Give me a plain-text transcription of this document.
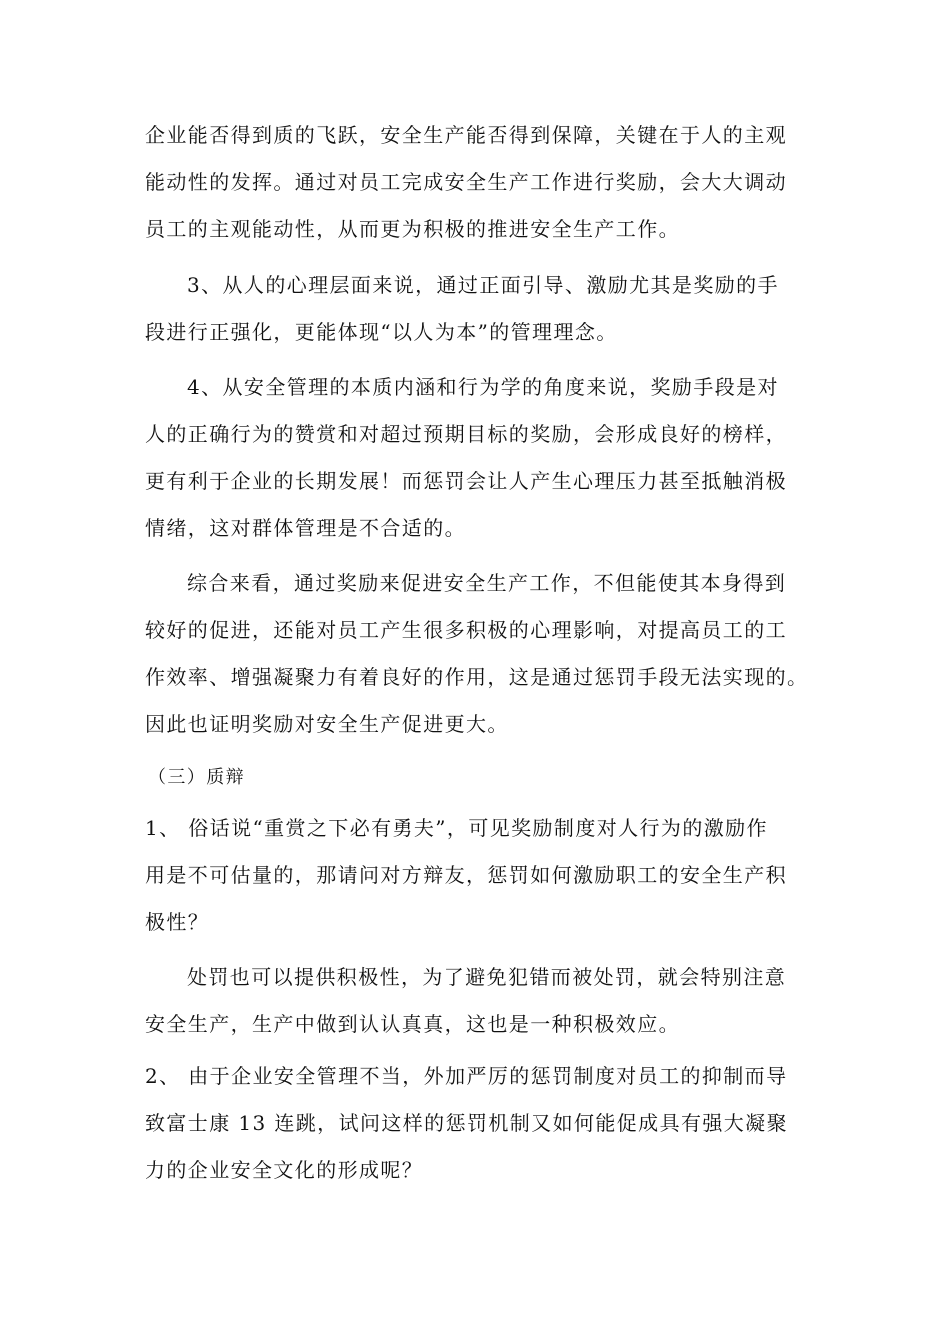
企业能否得到质的飞跃，安全生产能否得到保障，关键在于人的主观
能动性的发挥。通过对员工完成安全生产工作进行奖励，会大大调动
员工的主观能动性，从而更为积极的推进安全生产工作。
3、从人的心理层面来说，通过正面引导、激励尤其是奖励的手
段进行正强化，更能体现“以人为本”的管理理念。
4、从安全管理的本质内涵和行为学的角度来说，奖励手段是对
人的正确行为的赞赏和对超过预期目标的奖励，会形成良好的榜样，
更有利于企业的长期发展！而惩罚会让人产生心理压力甚至抵触消极
情绪，这对群体管理是不合适的。
综合来看，通过奖励来促进安全生产工作，不但能使其本身得到
较好的促进，还能对员工产生很多积极的心理影响，对提高员工的工
作效率、增强凝聚力有着良好的作用，这是通过惩罚手段无法实现的。
因此也证明奖励对安全生产促进更大。
（三）质辩
1、 俗话说“重赏之下必有勇夫”，可见奖励制度对人行为的激励作
用是不可估量的，那请问对方辩友，惩罚如何激励职工的安全生产积
极性？
处罚也可以提供积极性，为了避免犯错而被处罚，就会特别注意
安全生产，生产中做到认认真真，这也是一种积极效应。
2、 由于企业安全管理不当，外加严厉的惩罚制度对员工的抑制而导
致富士康 13 连跳，试问这样的惩罚机制又如何能促成具有强大凝聚
力的企业安全文化的形成呢？
